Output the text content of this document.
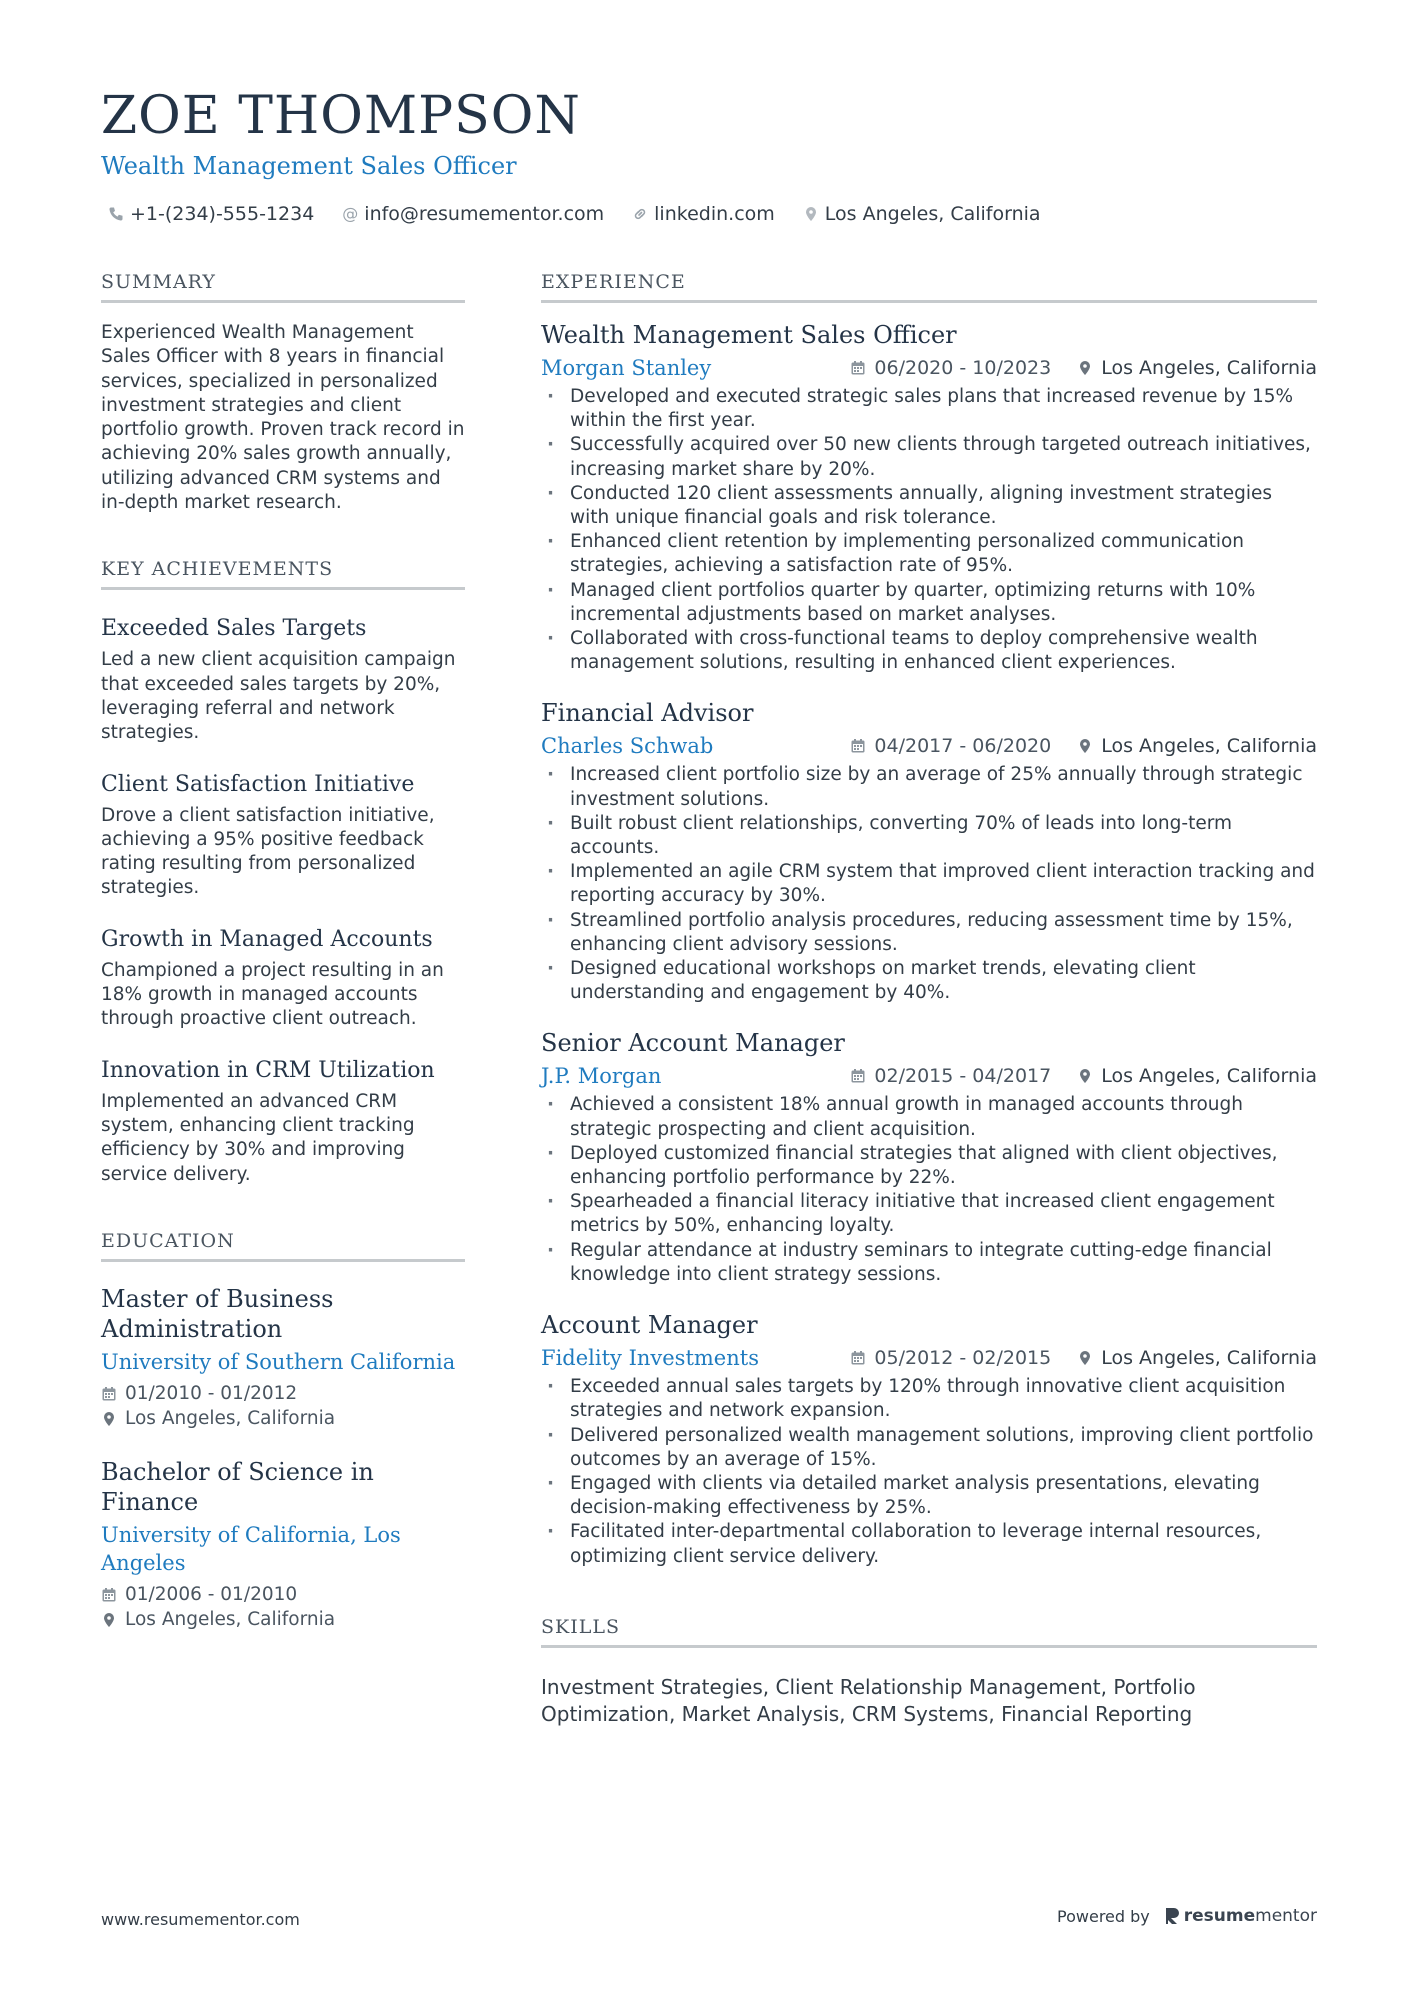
ZOE THOMPSON
Wealth Management Sales Officer
+1-(234)-555-1234 @ info@resumementor.com	linkedin.com	Los Angeles, California
SUMMARY

Experienced Wealth Management Sales Officer with 8 years in financial services, specialized in personalized investment strategies and client portfolio growth. Proven track record in achieving 20% sales growth annually, utilizing advanced CRM systems and in-depth market research.

KEY ACHIEVEMENTS
Exceeded Sales Targets
Led a new client acquisition campaign that exceeded sales targets by 20%, leveraging referral and network strategies.
Client Satisfaction Initiative
Drove a client satisfaction initiative, achieving a 95% positive feedback rating resulting from personalized strategies.
Growth in Managed Accounts
Championed a project resulting in an 18% growth in managed accounts through proactive client outreach.
Innovation in CRM Utilization
Implemented an advanced CRM system, enhancing client tracking efficiency by 30% and improving service delivery.
EDUCATION
Master of Business Administration
University of Southern California
01/2010 - 01/2012
Los Angeles, California
Bachelor of Science in Finance
University of California, Los Angeles
01/2006 - 01/2010
Los Angeles, California
EXPERIENCE
Wealth Management Sales Officer
Morgan Stanley	06/2020 - 10/2023	Los Angeles, California
· Developed and executed strategic sales plans that increased revenue by 15% within the first year.
· Successfully acquired over 50 new clients through targeted outreach initiatives, increasing market share by 20%.
· Conducted 120 client assessments annually, aligning investment strategies with unique financial goals and risk tolerance.
· Enhanced client retention by implementing personalized communication strategies, achieving a satisfaction rate of 95%.
· Managed client portfolios quarter by quarter, optimizing returns with 10% incremental adjustments based on market analyses.
· Collaborated with cross-functional teams to deploy comprehensive wealth management solutions, resulting in enhanced client experiences.
Financial Advisor
Charles Schwab	04/2017 - 06/2020	Los Angeles, California
· Increased client portfolio size by an average of 25% annually through strategic investment solutions.
· Built robust client relationships, converting 70% of leads into long-term accounts.
· Implemented an agile CRM system that improved client interaction tracking and reporting accuracy by 30%.
· Streamlined portfolio analysis procedures, reducing assessment time by 15%, enhancing client advisory sessions.
· Designed educational workshops on market trends, elevating client understanding and engagement by 40%.
Senior Account Manager
J.P. Morgan	02/2015 - 04/2017	Los Angeles, California
· Achieved a consistent 18% annual growth in managed accounts through strategic prospecting and client acquisition.
· Deployed customized financial strategies that aligned with client objectives, enhancing portfolio performance by 22%.
· Spearheaded a financial literacy initiative that increased client engagement metrics by 50%, enhancing loyalty.
· Regular attendance at industry seminars to integrate cutting-edge financial knowledge into client strategy sessions.
Account Manager
Fidelity Investments	05/2012 - 02/2015	Los Angeles, California
· Exceeded annual sales targets by 120% through innovative client acquisition strategies and network expansion.
· Delivered personalized wealth management solutions, improving client portfolio outcomes by an average of 15%.
· Engaged with clients via detailed market analysis presentations, elevating decision-making effectiveness by 25%.
· Facilitated inter-departmental collaboration to leverage internal resources, optimizing client service delivery.
SKILLS

Investment Strategies, Client Relationship Management, Portfolio Optimization, Market Analysis, CRM Systems, Financial Reporting

www.resumementor.com	Powered by resume mentor
